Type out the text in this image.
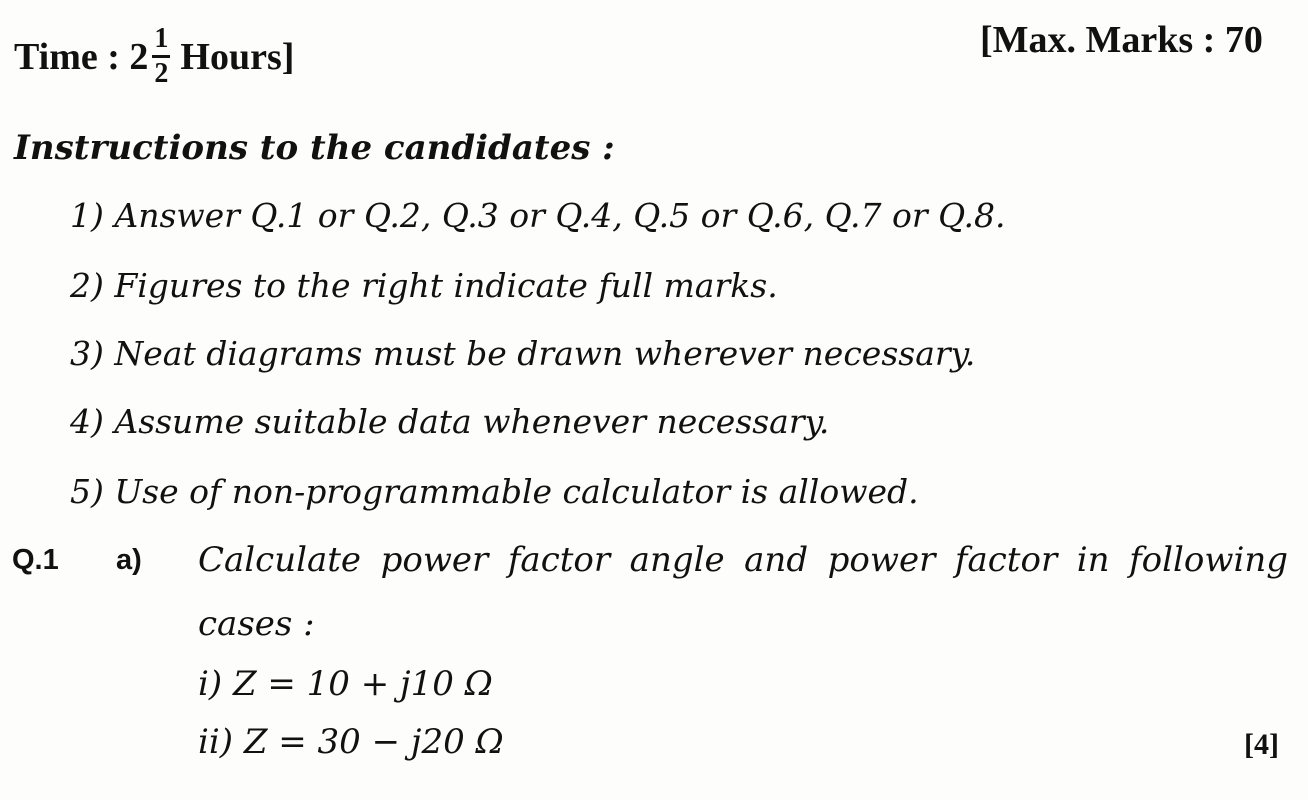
Time : $2 \frac{1}{2}$ Hours]	[Max. Marks : 70
Instructions to the candidates :
1) Answer Q.1 or Q.2, Q.3 or Q.4, Q.5 or Q.6, Q.7 or Q.8.
2) Figures to the right indicate full marks.
3) Neat diagrams must be drawn wherever necessary.
4) Assume suitable data whenever necessary.
5) Use of non-programmable calculator is allowed.
Q.1 a) Calculate power factor angle and power factor in following
cases :
i) Z = 10 + j10 Ω
ii) Z = 30 − j20 Ω	[4]
